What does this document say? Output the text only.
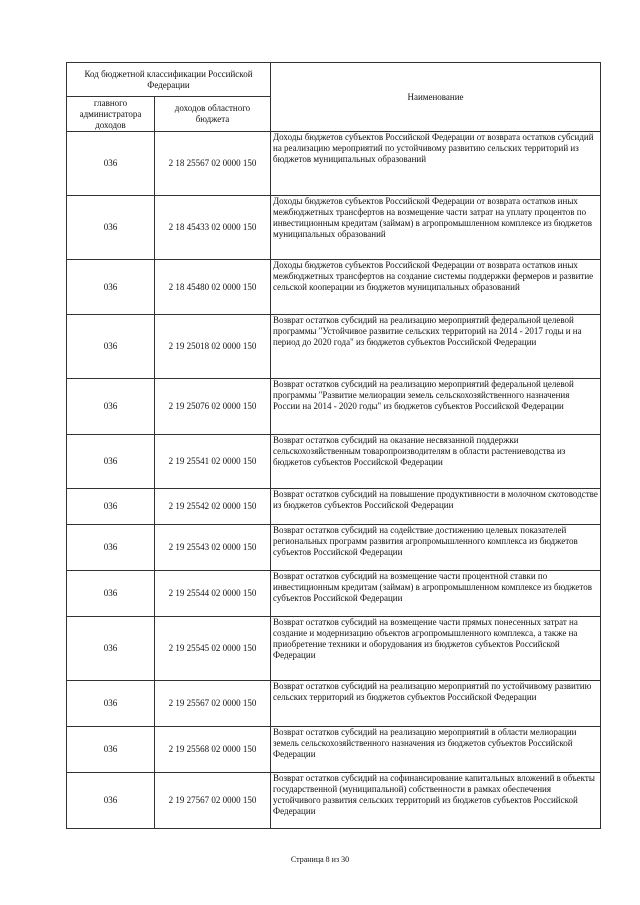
Код бюджетной классификации Российской Федерации		Наименование
главного администратора доходов	доходов областного бюджета	
036	2 18 25567 02 0000 150	Доходы бюджетов субъектов Российской Федерации от возврата остатков субсидий на реализацию мероприятий по устойчивому развитию сельских территорий из бюджетов муниципальных образований
036	2 18 45433 02 0000 150	Доходы бюджетов субъектов Российской Федерации от возврата остатков иных межбюджетных трансфертов на возмещение части затрат на уплату процентов по инвестиционным кредитам (займам) в агропромышленном комплексе из бюджетов муниципальных образований
036	2 18 45480 02 0000 150	Доходы бюджетов субъектов Российской Федерации от возврата остатков иных межбюджетных трансфертов на создание системы поддержки фермеров и развитие сельской кооперации из бюджетов муниципальных образований
036	2 19 25018 02 0000 150	Возврат остатков субсидий на реализацию мероприятий федеральной целевой программы "Устойчивое развитие сельских территорий на 2014 - 2017 годы и на период до 2020 года" из бюджетов субъектов Российской Федерации
036	2 19 25076 02 0000 150	Возврат остатков субсидий на реализацию мероприятий федеральной целевой программы "Развитие мелиорации земель сельскохозяйственного назначения России на 2014 - 2020 годы" из бюджетов субъектов Российской Федерации
036	2 19 25541 02 0000 150	Возврат остатков субсидий на оказание несвязанной поддержки сельскохозяйственным товаропроизводителям в области растениеводства из бюджетов субъектов Российской Федерации
036	2 19 25542 02 0000 150	Возврат остатков субсидий на повышение продуктивности в молочном скотоводстве из бюджетов субъектов Российской Федерации
036	2 19 25543 02 0000 150	Возврат остатков субсидий на содействие достижению целевых показателей региональных программ развития агропромышленного комплекса из бюджетов субъектов Российской Федерации
036	2 19 25544 02 0000 150	Возврат остатков субсидий на возмещение части процентной ставки по инвестиционным кредитам (займам) в агропромышленном комплексе из бюджетов субъектов Российской Федерации
036	2 19 25545 02 0000 150	Возврат остатков субсидий на возмещение части прямых понесенных затрат на создание и модернизацию объектов агропромышленного комплекса, а также на приобретение техники и оборудования из бюджетов субъектов Российской Федерации
036	2 19 25567 02 0000 150	Возврат остатков субсидий на реализацию мероприятий по устойчивому развитию сельских территорий из бюджетов субъектов Российской Федерации
036	2 19 25568 02 0000 150	Возврат остатков субсидий на реализацию мероприятий в области мелиорации земель сельскохозяйственного назначения из бюджетов субъектов Российской Федерации
036	2 19 27567 02 0000 150	Возврат остатков субсидий на софинансирование капитальных вложений в объекты государственной (муниципальной) собственности в рамках обеспечения устойчивого развития сельских территорий из бюджетов субъектов Российской Федерации
Страница 8 из 30
